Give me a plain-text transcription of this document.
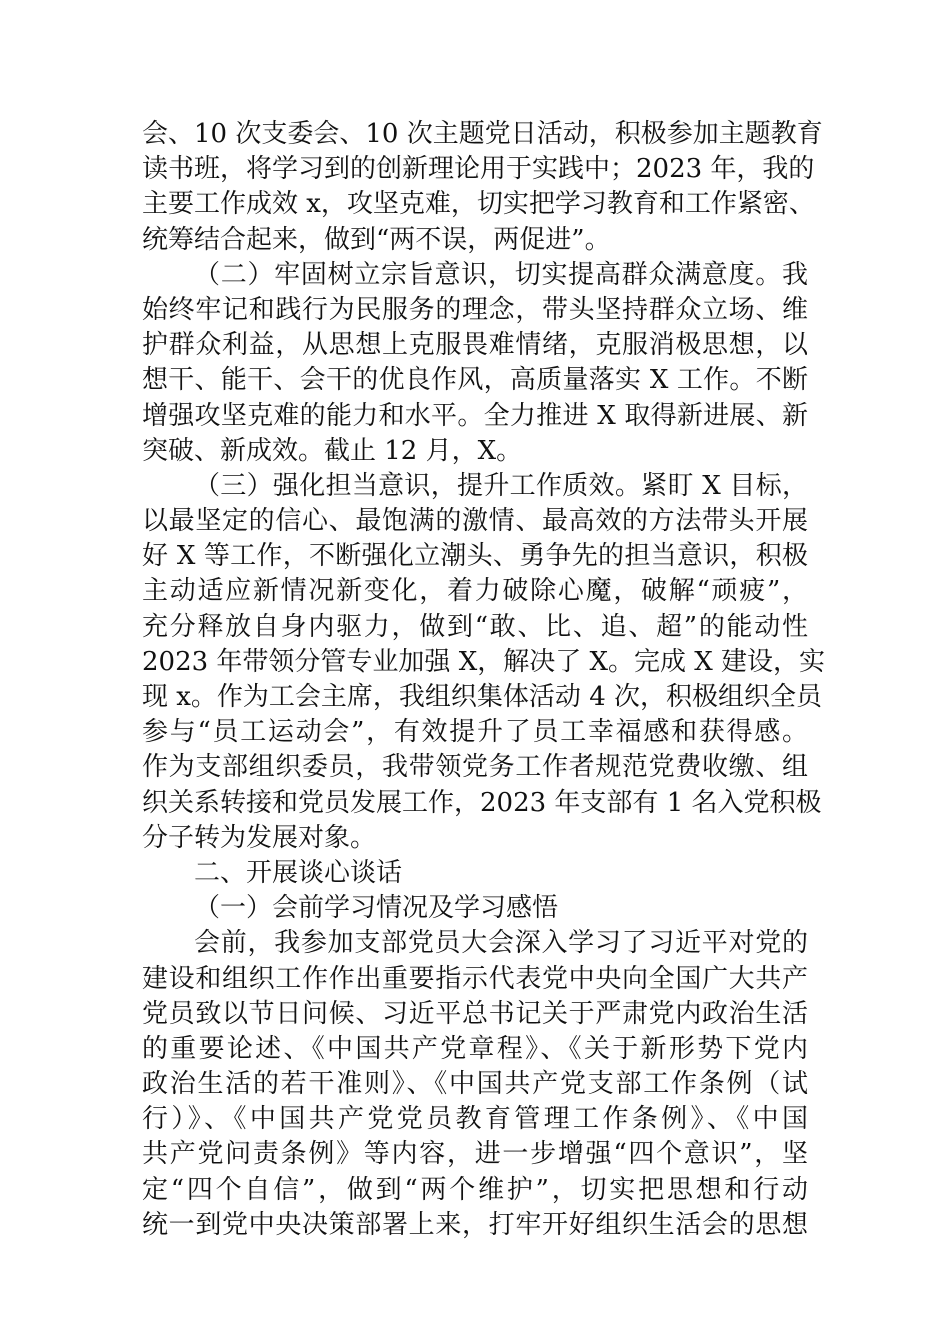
会、10 次支委会、10 次主题党日活动，积极参加主题教育
读书班，将学习到的创新理论用于实践中；2023 年，我的
主要工作成效 x，攻坚克难，切实把学习教育和工作紧密、
统筹结合起来，做到“两不误，两促进”。
（二）牢固树立宗旨意识，切实提高群众满意度。我
始终牢记和践行为民服务的理念，带头坚持群众立场、维
护群众利益，从思想上克服畏难情绪，克服消极思想，以
想干、能干、会干的优良作风，高质量落实 X 工作。不断
增强攻坚克难的能力和水平。全力推进 X 取得新进展、新
突破、新成效。截止 12 月，X。
（三）强化担当意识，提升工作质效。紧盯 X 目标，
以最坚定的信心、最饱满的激情、最高效的方法带头开展
好 X 等工作，不断强化立潮头、勇争先的担当意识，积极
主动适应新情况新变化，着力破除心魔，破解“顽疲”，
充分释放自身内驱力，做到“敢、比、追、超”的能动性
2023 年带领分管专业加强 X，解决了 X。完成 X 建设，实
现 x。作为工会主席，我组织集体活动 4 次，积极组织全员
参与“员工运动会”，有效提升了员工幸福感和获得感。
作为支部组织委员，我带领党务工作者规范党费收缴、组
织关系转接和党员发展工作，2023 年支部有 1 名入党积极
分子转为发展对象。
二、开展谈心谈话
（一）会前学习情况及学习感悟
会前，我参加支部党员大会深入学习了习近平对党的
建设和组织工作作出重要指示代表党中央向全国广大共产
党员致以节日问候、习近平总书记关于严肃党内政治生活
的重要论述、《中国共产党章程》、《关于新形势下党内
政治生活的若干准则》、《中国共产党支部工作条例（试
行）》、《中国共产党党员教育管理工作条例》、《中国
共产党问责条例》等内容，进一步增强“四个意识”，坚
定“四个自信”，做到“两个维护”，切实把思想和行动
统一到党中央决策部署上来，打牢开好组织生活会的思想
